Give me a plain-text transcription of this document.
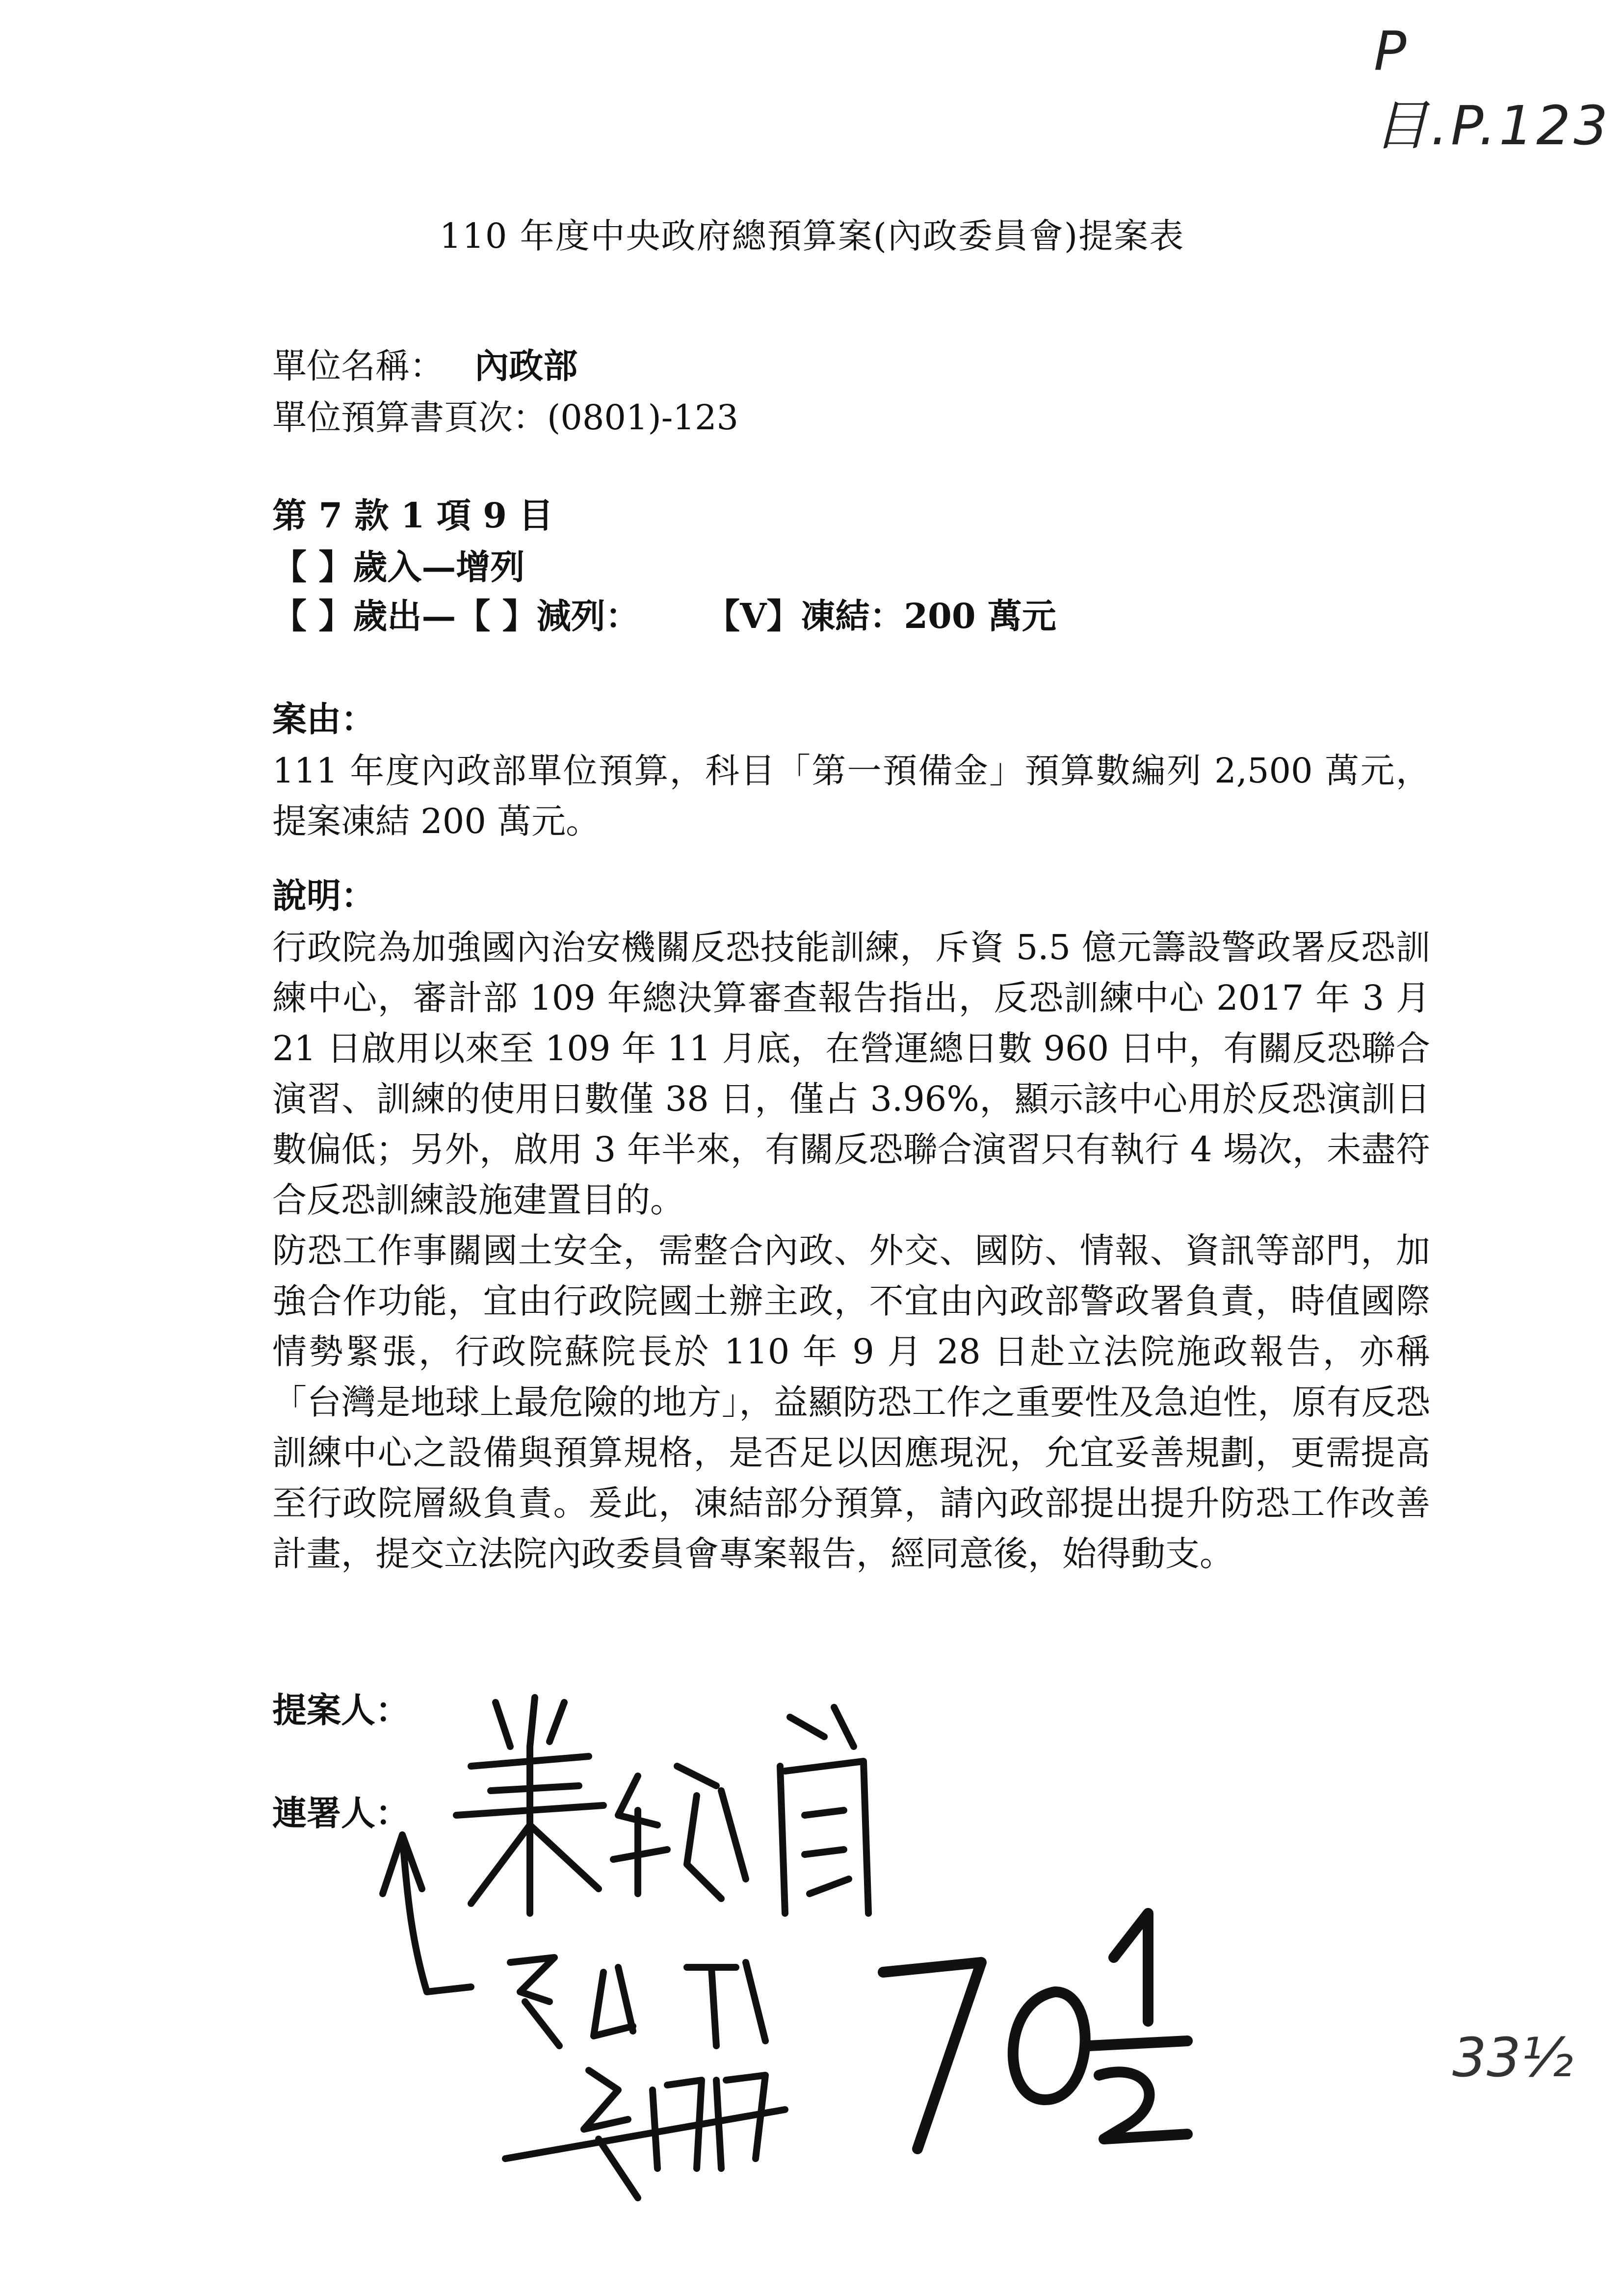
P目.P.123
110 年度中央政府總預算案(內政委員會)提案表
單位名稱： 內政部
單位預算書頁次：(0801)-123
第 7 款 1 項 9 目
【 】歲入—增列
【 】歲出—【 】減列： 【V】凍結：200 萬元
案由：
111 年度內政部單位預算，科目「第一預備金」預算數編列 2,500 萬元，提案凍結 200 萬元。
說明：

行政院為加強國內治安機關反恐技能訓練，斥資 5.5 億元籌設警政署反恐訓練中心，審計部 109 年總決算審查報告指出，反恐訓練中心 2017 年 3 月 21 日啟用以來至 109 年 11 月底，在營運總日數 960 日中，有關反恐聯合演習、訓練的使用日數僅 38 日，僅占 3.96%，顯示該中心用於反恐演訓日數偏低；另外，啟用 3 年半來，有關反恐聯合演習只有執行 4 場次，未盡符合反恐訓練設施建置目的。

防恐工作事關國土安全，需整合內政、外交、國防、情報、資訊等部門，加強合作功能，宜由行政院國土辦主政，不宜由內政部警政署負責，時值國際情勢緊張，行政院蘇院長於 110 年 9 月 28 日赴立法院施政報告，亦稱「台灣是地球上最危險的地方」，益顯防恐工作之重要性及急迫性，原有反恐訓練中心之設備與預算規格，是否足以因應現況，允宜妥善規劃，更需提高至行政院層級負責。爰此，凍結部分預算，請內政部提出提升防恐工作改善計畫，提交立法院內政委員會專案報告，經同意後，始得動支。

提案人：
連署人：
33½
